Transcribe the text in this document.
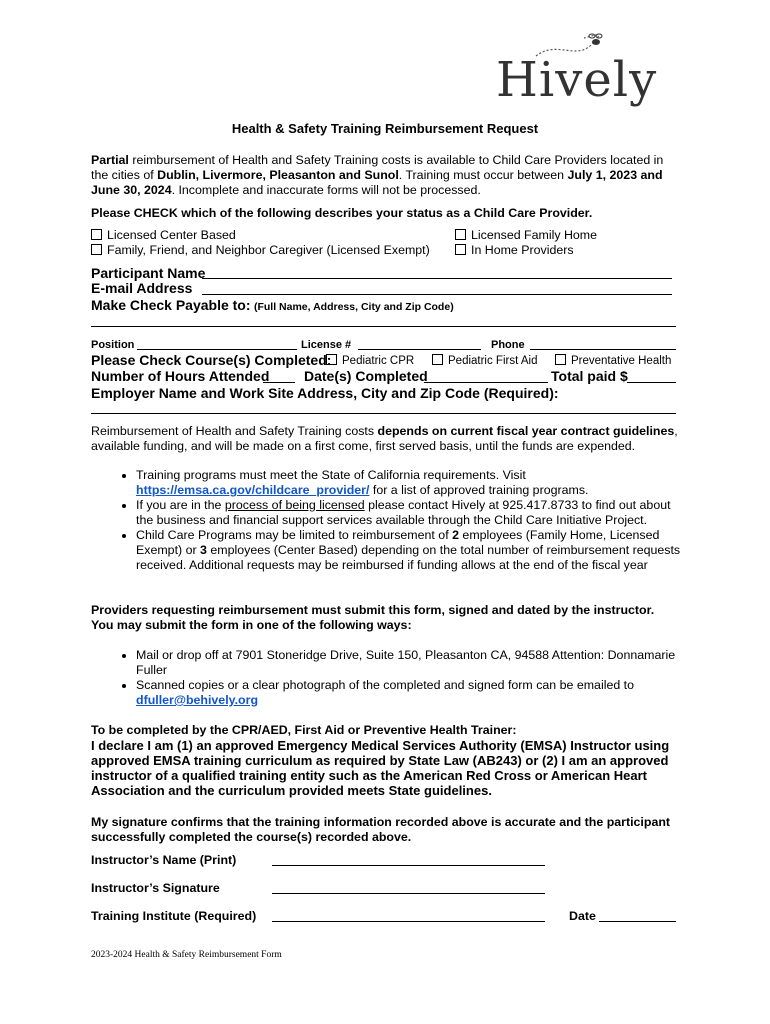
Hively
Health & Safety Training Reimbursement Request
Partial reimbursement of Health and Safety Training costs is available to Child Care Providers located in the cities of Dublin, Livermore, Pleasanton and Sunol. Training must occur between July 1, 2023 and June 30, 2024. Incomplete and inaccurate forms will not be processed.
Please CHECK which of the following describes your status as a Child Care Provider.
Licensed Center Based	Licensed Family Home
Family, Friend, and Neighbor Caregiver (Licensed Exempt)	In Home Providers
Participant Name
E-mail Address
Make Check Payable to: (Full Name, Address, City and Zip Code)
Position	License #	Phone
Please Check Course(s) Completed: Pediatric CPR	Pediatric First Aid	Preventative Health
Number of Hours Attended Date(s) Completed	Total paid $
Employer Name and Work Site Address, City and Zip Code (Required):
Reimbursement of Health and Safety Training costs depends on current fiscal year contract guidelines, available funding, and will be made on a first come, first served basis, until the funds are expended.
• Training programs must meet the State of California requirements. Visit https://emsa.ca.gov/childcare_provider/ for a list of approved training programs.
• If you are in the process of being licensed please contact Hively at 925.417.8733 to find out about the business and financial support services available through the Child Care Initiative Project.
• Child Care Programs may be limited to reimbursement of 2 employees (Family Home, Licensed Exempt) or 3 employees (Center Based) depending on the total number of reimbursement requests received. Additional requests may be reimbursed if funding allows at the end of the fiscal year
Providers requesting reimbursement must submit this form, signed and dated by the instructor.
You may submit the form in one of the following ways:
• Mail or drop off at 7901 Stoneridge Drive, Suite 150, Pleasanton CA, 94588 Attention: Donnamarie Fuller
• Scanned copies or a clear photograph of the completed and signed form can be emailed to dfuller@behively.org
To be completed by the CPR/AED, First Aid or Preventive Health Trainer:
I declare I am (1) an approved Emergency Medical Services Authority (EMSA) Instructor using approved EMSA training curriculum as required by State Law (AB243) or (2) I am an approved instructor of a qualified training entity such as the American Red Cross or American Heart Association and the curriculum provided meets State guidelines.
My signature confirms that the training information recorded above is accurate and the participant successfully completed the course(s) recorded above.
Instructor’s Name (Print)
Instructor’s Signature
Training Institute (Required)	Date
2023-2024 Health & Safety Reimbursement Form
